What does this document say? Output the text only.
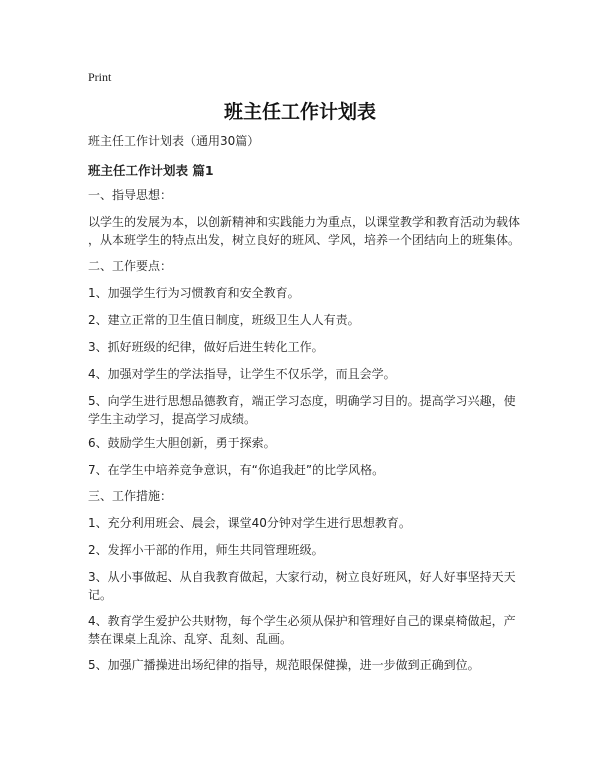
Print
班主任工作计划表
班主任工作计划表（通用30篇）
班主任工作计划表 篇1
一、指导思想：
以学生的发展为本，以创新精神和实践能力为重点，以课堂教学和教育活动为载体
，从本班学生的特点出发，树立良好的班风、学风，培养一个团结向上的班集体。
二、工作要点：
1、加强学生行为习惯教育和安全教育。
2、建立正常的卫生值日制度，班级卫生人人有责。
3、抓好班级的纪律，做好后进生转化工作。
4、加强对学生的学法指导，让学生不仅乐学，而且会学。
5、向学生进行思想品德教育，端正学习态度，明确学习目的。提高学习兴趣，使
学生主动学习，提高学习成绩。
6、鼓励学生大胆创新，勇于探索。
7、在学生中培养竞争意识，有“你追我赶”的比学风格。
三、工作措施：
1、充分利用班会、晨会，课堂40分钟对学生进行思想教育。
2、发挥小干部的作用，师生共同管理班级。
3、从小事做起、从自我教育做起，大家行动，树立良好班风，好人好事坚持天天
记。
4、教育学生爱护公共财物，每个学生必须从保护和管理好自己的课桌椅做起，产
禁在课桌上乱涂、乱穿、乱刻、乱画。
5、加强广播操进出场纪律的指导，规范眼保健操，进一步做到正确到位。
